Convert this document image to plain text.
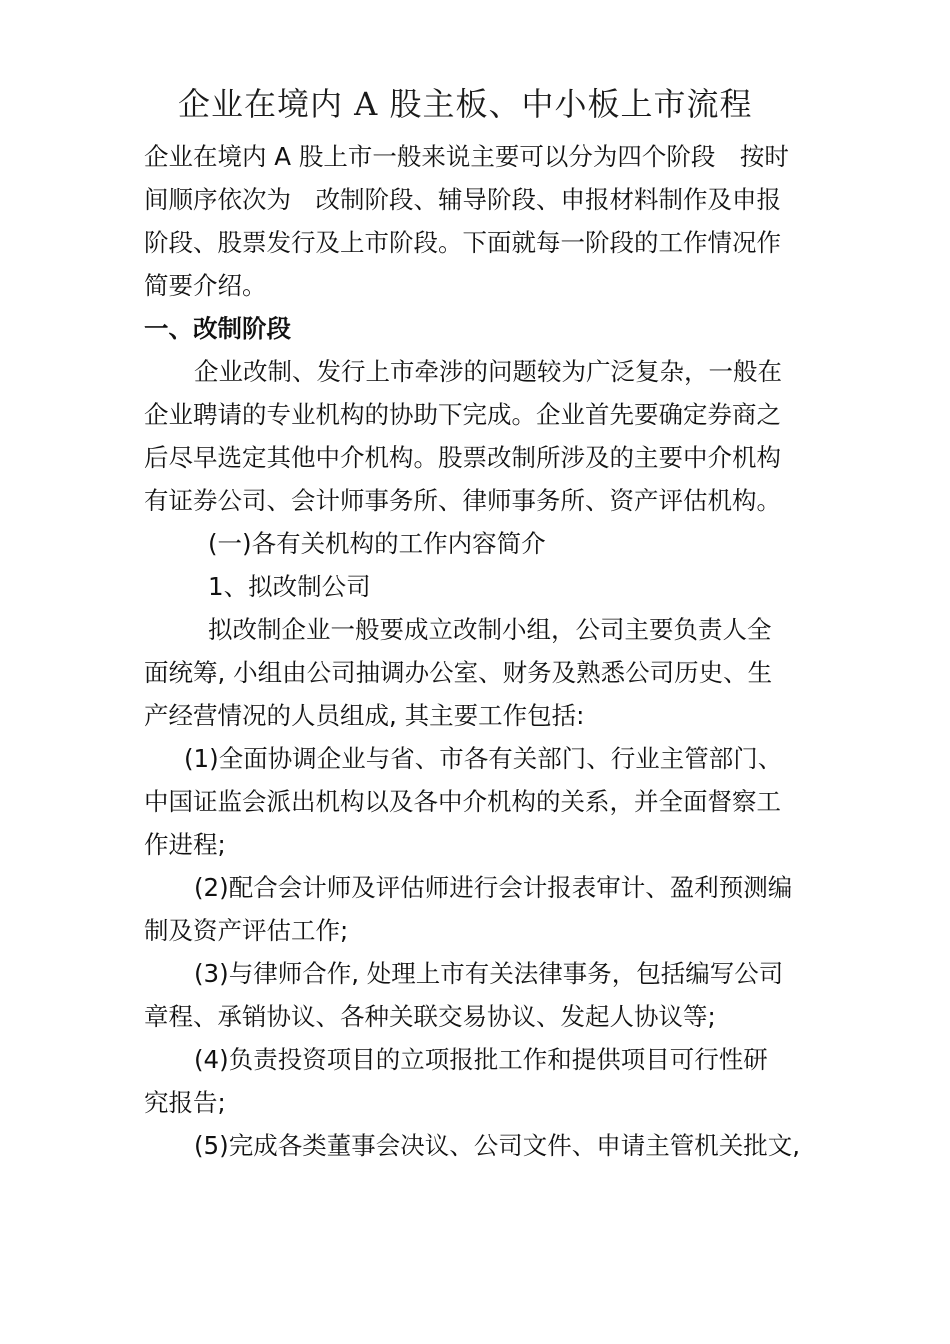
企业在境内 A 股主板、中小板上市流程
企业在境内 A 股上市一般来说主要可以分为四个阶段　按时
间顺序依次为　改制阶段、辅导阶段、申报材料制作及申报
阶段、股票发行及上市阶段。下面就每一阶段的工作情况作
简要介绍。
一、改制阶段
企业改制、发行上市牵涉的问题较为广泛复杂，一般在
企业聘请的专业机构的协助下完成。企业首先要确定券商之
后尽早选定其他中介机构。股票改制所涉及的主要中介机构
有证券公司、会计师事务所、律师事务所、资产评估机构。
(一)各有关机构的工作内容简介
1、拟改制公司
拟改制企业一般要成立改制小组，公司主要负责人全
面统筹, 小组由公司抽调办公室、财务及熟悉公司历史、生
产经营情况的人员组成, 其主要工作包括:
(1)全面协调企业与省、市各有关部门、行业主管部门、
中国证监会派出机构以及各中介机构的关系，并全面督察工
作进程;
(2)配合会计师及评估师进行会计报表审计、盈利预测编
制及资产评估工作;
(3)与律师合作, 处理上市有关法律事务，包括编写公司
章程、承销协议、各种关联交易协议、发起人协议等;
(4)负责投资项目的立项报批工作和提供项目可行性研
究报告;
(5)完成各类董事会决议、公司文件、申请主管机关批文,
